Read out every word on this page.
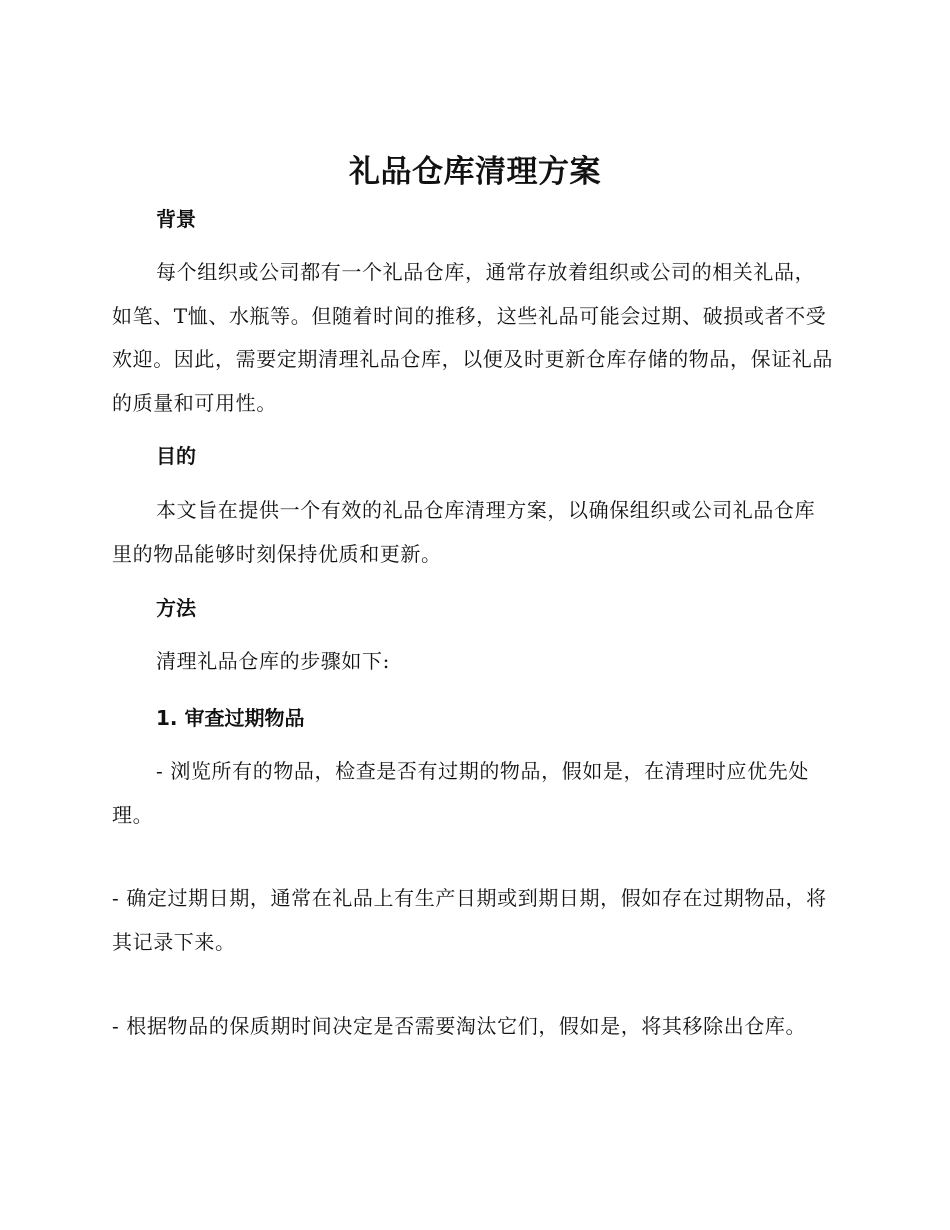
礼品仓库清理方案
背景
每个组织或公司都有一个礼品仓库，通常存放着组织或公司的相关礼品，如笔、T恤、水瓶等。但随着时间的推移，这些礼品可能会过期、破损或者不受欢迎。因此，需要定期清理礼品仓库，以便及时更新仓库存储的物品，保证礼品的质量和可用性。
目的
本文旨在提供一个有效的礼品仓库清理方案，以确保组织或公司礼品仓库里的物品能够时刻保持优质和更新。
方法
清理礼品仓库的步骤如下:
1. 审查过期物品
- 浏览所有的物品，检查是否有过期的物品，假如是，在清理时应优先处理。
- 确定过期日期，通常在礼品上有生产日期或到期日期，假如存在过期物品，将其记录下来。
- 根据物品的保质期时间决定是否需要淘汰它们，假如是，将其移除出仓库。
